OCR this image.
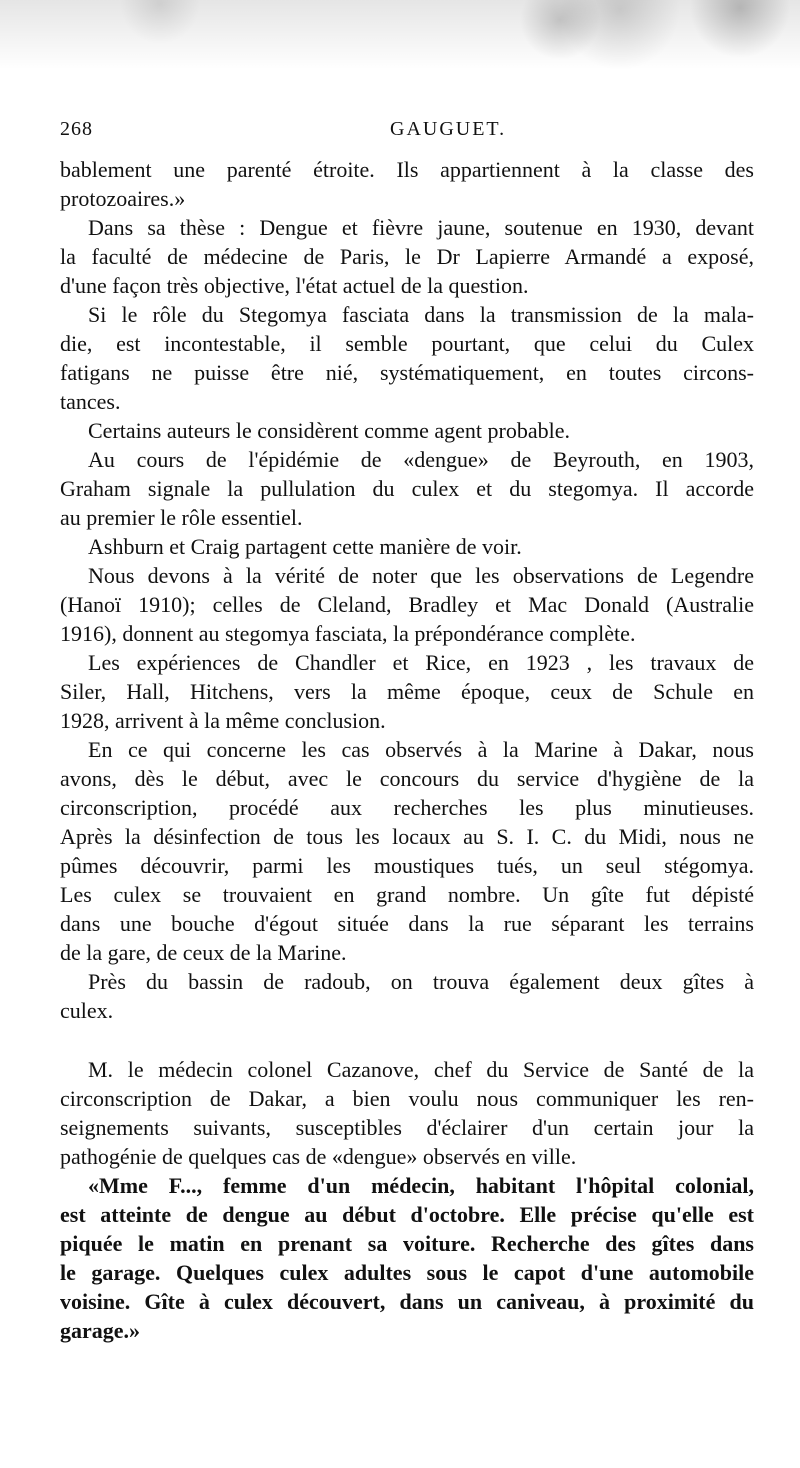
268	GAUGUET.

bablement une parenté étroite. Ils appartiennent à la classe des
protozoaires.»

Dans sa thèse : Dengue et fièvre jaune, soutenue en 1930, devant
la faculté de médecine de Paris, le Dr Lapierre Armandé a exposé,
d'une façon très objective, l'état actuel de la question.

Si le rôle du Stegomya fasciata dans la transmission de la mala-
die, est incontestable, il semble pourtant, que celui du Culex
fatigans ne puisse être nié, systématiquement, en toutes circons-
tances.

Certains auteurs le considèrent comme agent probable.

Au cours de l'épidémie de «dengue» de Beyrouth, en 1903,
Graham signale la pullulation du culex et du stegomya. Il accorde
au premier le rôle essentiel.

Ashburn et Craig partagent cette manière de voir.

Nous devons à la vérité de noter que les observations de Legendre
(Hanoï 1910); celles de Cleland, Bradley et Mac Donald (Australie
1916), donnent au stegomya fasciata, la prépondérance complète.

Les expériences de Chandler et Rice, en 1923 , les travaux de
Siler, Hall, Hitchens, vers la même époque, ceux de Schule en
1928, arrivent à la même conclusion.

En ce qui concerne les cas observés à la Marine à Dakar, nous
avons, dès le début, avec le concours du service d'hygiène de la
circonscription, procédé aux recherches les plus minutieuses.
Après la désinfection de tous les locaux au S. I. C. du Midi, nous ne
pûmes découvrir, parmi les moustiques tués, un seul stégomya.
Les culex se trouvaient en grand nombre. Un gîte fut dépisté
dans une bouche d'égout située dans la rue séparant les terrains
de la gare, de ceux de la Marine.

Près du bassin de radoub, on trouva également deux gîtes à
culex.

M. le médecin colonel Cazanove, chef du Service de Santé de la
circonscription de Dakar, a bien voulu nous communiquer les ren-
seignements suivants, susceptibles d'éclairer d'un certain jour la
pathogénie de quelques cas de «dengue» observés en ville.

«Mme F..., femme d'un médecin, habitant l'hôpital colonial,
est atteinte de dengue au début d'octobre. Elle précise qu'elle est
piquée le matin en prenant sa voiture. Recherche des gîtes dans
le garage. Quelques culex adultes sous le capot d'une automobile
voisine. Gîte à culex découvert, dans un caniveau, à proximité du
garage.»
